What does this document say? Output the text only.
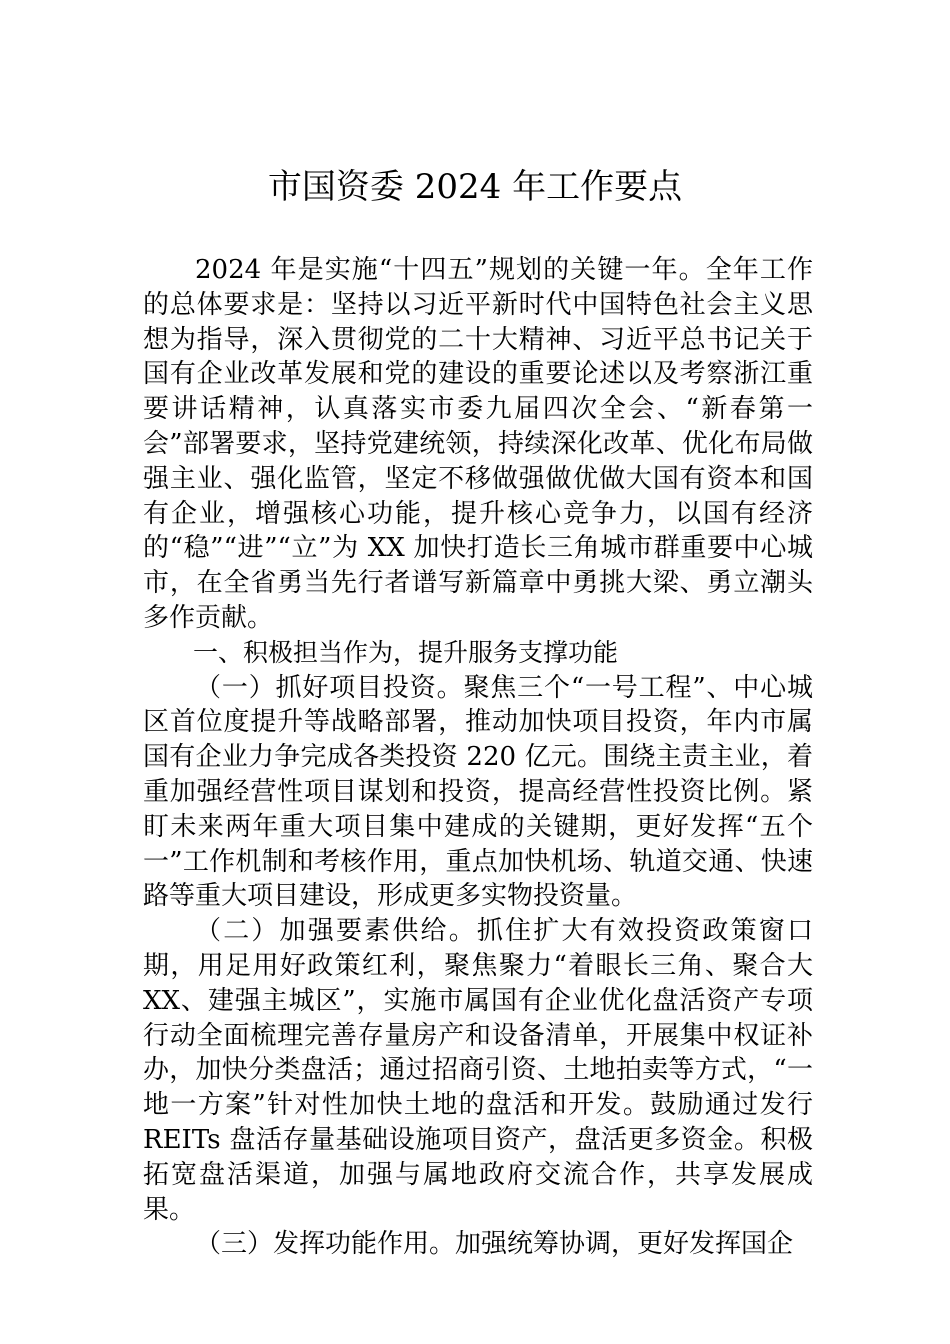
市国资委 2024 年工作要点

2024 年是实施“十四五”规划的关键一年。全年工作的总体要求是：坚持以习近平新时代中国特色社会主义思想为指导，深入贯彻党的二十大精神、习近平总书记关于国有企业改革发展和党的建设的重要论述以及考察浙江重要讲话精神，认真落实市委九届四次全会、“新春第一会”部署要求，坚持党建统领，持续深化改革、优化布局做强主业、强化监管，坚定不移做强做优做大国有资本和国有企业，增强核心功能，提升核心竞争力，以国有经济的“稳”“进”“立”为 XX 加快打造长三角城市群重要中心城市，在全省勇当先行者谱写新篇章中勇挑大梁、勇立潮头多作贡献。

一、积极担当作为，提升服务支撑功能

（一）抓好项目投资。聚焦三个“一号工程”、中心城区首位度提升等战略部署，推动加快项目投资，年内市属国有企业力争完成各类投资 220 亿元。围绕主责主业，着重加强经营性项目谋划和投资，提高经营性投资比例。紧盯未来两年重大项目集中建成的关键期，更好发挥“五个一”工作机制和考核作用，重点加快机场、轨道交通、快速路等重大项目建设，形成更多实物投资量。

（二）加强要素供给。抓住扩大有效投资政策窗口期，用足用好政策红利，聚焦聚力“着眼长三角、聚合大 XX、建强主城区”，实施市属国有企业优化盘活资产专项行动全面梳理完善存量房产和设备清单，开展集中权证补办，加快分类盘活；通过招商引资、土地拍卖等方式，“一地一方案”针对性加快土地的盘活和开发。鼓励通过发行 REITs 盘活存量基础设施项目资产，盘活更多资金。积极拓宽盘活渠道，加强与属地政府交流合作，共享发展成果。

（三）发挥功能作用。加强统筹协调，更好发挥国企
